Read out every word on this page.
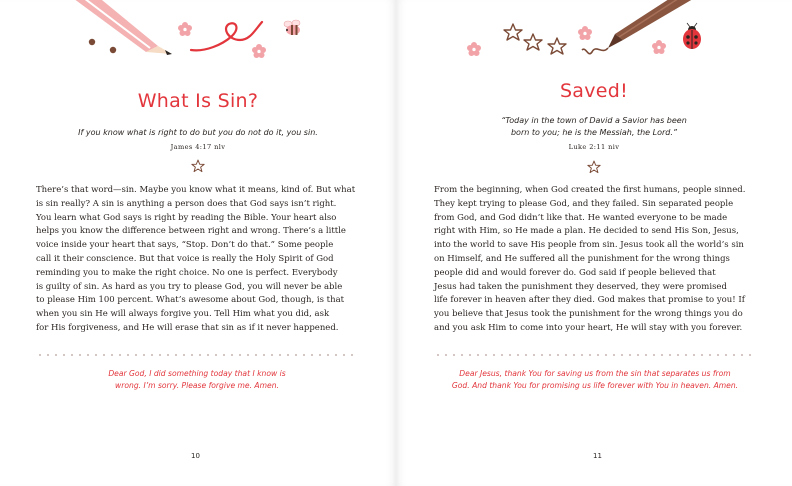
What Is Sin?
If you know what is right to do but you do not do it, you sin.
James 4:17 nlv
There’s that word—sin. Maybe you know what it means, kind of. But what
is sin really? A sin is anything a person does that God says isn’t right.
You learn what God says is right by reading the Bible. Your heart also
helps you know the difference between right and wrong. There’s a little
voice inside your heart that says, “Stop. Don’t do that.” Some people
call it their conscience. But that voice is really the Holy Spirit of God
reminding you to make the right choice. No one is perfect. Everybody
is guilty of sin. As hard as you try to please God, you will never be able
to please Him 100 percent. What’s awesome about God, though, is that
when you sin He will always forgive you. Tell Him what you did, ask
for His forgiveness, and He will erase that sin as if it never happened.
Dear God, I did something today that I know is
wrong. I’m sorry. Please forgive me. Amen.
10
Saved!
“Today in the town of David a Savior has been
born to you; he is the Messiah, the Lord.”
Luke 2:11 niv
From the beginning, when God created the first humans, people sinned.
They kept trying to please God, and they failed. Sin separated people
from God, and God didn’t like that. He wanted everyone to be made
right with Him, so He made a plan. He decided to send His Son, Jesus,
into the world to save His people from sin. Jesus took all the world’s sin
on Himself, and He suffered all the punishment for the wrong things
people did and would forever do. God said if people believed that
Jesus had taken the punishment they deserved, they were promised
life forever in heaven after they died. God makes that promise to you! If
you believe that Jesus took the punishment for the wrong things you do
and you ask Him to come into your heart, He will stay with you forever.
Dear Jesus, thank You for saving us from the sin that separates us from
God. And thank You for promising us life forever with You in heaven. Amen.
11
